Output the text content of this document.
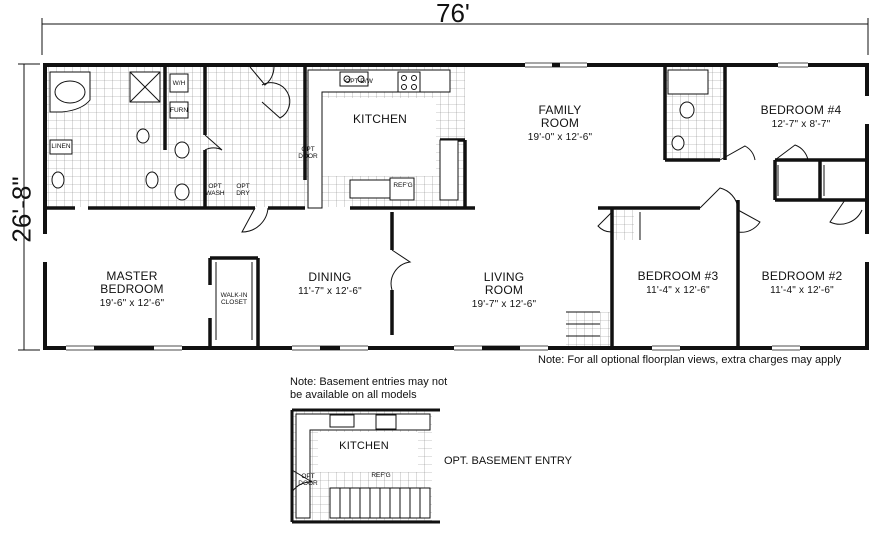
76'
26'-8"
MASTER
BEDROOM
19'-6" x 12'-6"
DINING
11'-7" x 12'-6"
LIVING
ROOM
19'-7" x 12'-6"
FAMILY
ROOM
19'-0" x 12'-6"
KITCHEN
BEDROOM #2
11'-4" x 12'-6"
BEDROOM #3
11'-4" x 12'-6"
BEDROOM #4
12'-7" x 8'-7"
LINEN
W/H
FURN
OPT
WASH
OPT
DRY
OPT
DOOR
REF'G
OPT D/W
WALK-IN
CLOSET
Note: For all optional floorplan views, extra charges may apply
Note: Basement entries may not
be available on all models
OPT. BASEMENT ENTRY
KITCHEN
OPT
DOOR
REF'G
